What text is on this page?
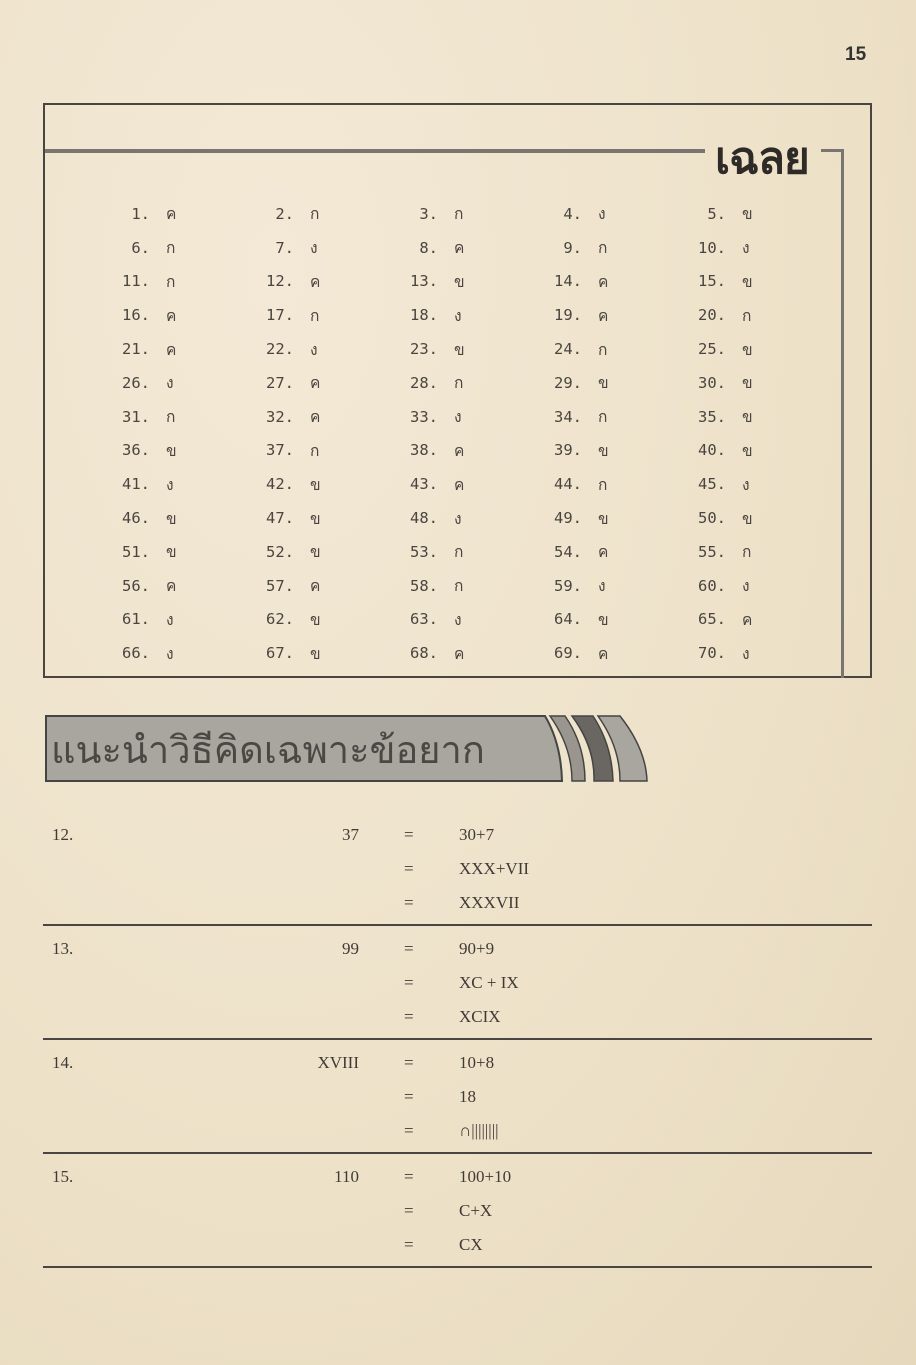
15
เฉลย
1. ค	2. ก	3. ก	4. ง	5. ข
6. ก	7. ง	8. ค	9. ก	10. ง
11. ก	12. ค	13. ข	14. ค	15. ข
16. ค	17. ก	18. ง	19. ค	20. ก
21. ค	22. ง	23. ข	24. ก	25. ข
26. ง	27. ค	28. ก	29. ข	30. ข
31. ก	32. ค	33. ง	34. ก	35. ข
36. ข	37. ก	38. ค	39. ข	40. ข
41. ง	42. ข	43. ค	44. ก	45. ง
46. ข	47. ข	48. ง	49. ข	50. ข
51. ข	52. ข	53. ก	54. ค	55. ก
56. ค	57. ค	58. ก	59. ง	60. ง
61. ง	62. ข	63. ง	64. ข	65. ค
66. ง	67. ข	68. ค	69. ค	70. ง
แนะนำวิธีคิดเฉพาะข้อยาก
12.	37	=	30+7
=	XXX+VII
=	XXXVII
13.	99	=	90+9
=	XC + IX
=	XCIX
14.	XVIII	=	10+8
=	18
=	∩||||||||
15.	110	=	100+10
=	C+X
=	CX
